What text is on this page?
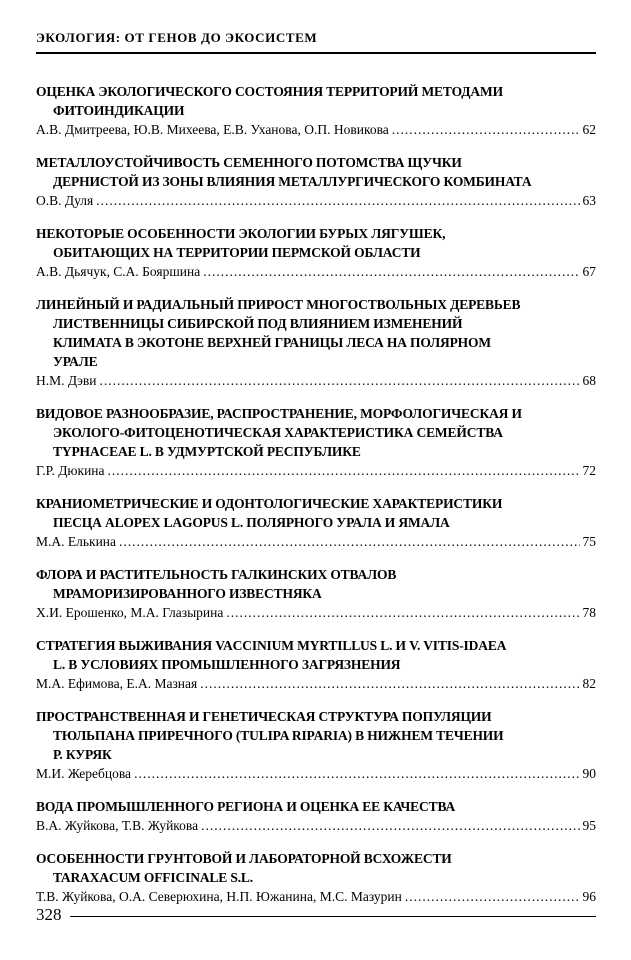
ЭКОЛОГИЯ: ОТ ГЕНОВ ДО ЭКОСИСТЕМ
ОЦЕНКА ЭКОЛОГИЧЕСКОГО СОСТОЯНИЯ ТЕРРИТОРИЙ МЕТОДАМИ
ФИТОИНДИКАЦИИ
А.В. Дмитреева, Ю.В. Михеева, Е.В. Уханова, О.П. Новикова .....	62
МЕТАЛЛОУСТОЙЧИВОСТЬ СЕМЕННОГО ПОТОМСТВА ЩУЧКИ
ДЕРНИСТОЙ ИЗ ЗОНЫ ВЛИЯНИЯ МЕТАЛЛУРГИЧЕСКОГО КОМБИНАТА
О.В. Дуля .....	63
НЕКОТОРЫЕ ОСОБЕННОСТИ ЭКОЛОГИИ БУРЫХ ЛЯГУШЕК,
ОБИТАЮЩИХ НА ТЕРРИТОРИИ ПЕРМСКОЙ ОБЛАСТИ
А.В. Дьячук, С.А. Бояршина .....	67
ЛИНЕЙНЫЙ И РАДИАЛЬНЫЙ ПРИРОСТ МНОГОСТВОЛЬНЫХ ДЕРЕВЬЕВ
ЛИСТВЕННИЦЫ СИБИРСКОЙ ПОД ВЛИЯНИЕМ ИЗМЕНЕНИЙ
КЛИМАТА В ЭКОТОНЕ ВЕРХНЕЙ ГРАНИЦЫ ЛЕСА НА ПОЛЯРНОМ
УРАЛЕ
Н.М. Дэви .....	68
ВИДОВОЕ РАЗНООБРАЗИЕ, РАСПРОСТРАНЕНИЕ, МОРФОЛОГИЧЕСКАЯ И
ЭКОЛОГО-ФИТОЦЕНОТИЧЕСКАЯ ХАРАКТЕРИСТИКА СЕМЕЙСТВА
TYPHACEAE L. В УДМУРТСКОЙ РЕСПУБЛИКЕ
Г.Р. Дюкина .....	72
КРАНИОМЕТРИЧЕСКИЕ И ОДОНТОЛОГИЧЕСКИЕ ХАРАКТЕРИСТИКИ
ПЕСЦА ALOPEX LAGOPUS L. ПОЛЯРНОГО УРАЛА И ЯМАЛА
М.А. Елькина .....	75
ФЛОРА И РАСТИТЕЛЬНОСТЬ ГАЛКИНСКИХ ОТВАЛОВ
МРАМОРИЗИРОВАННОГО ИЗВЕСТНЯКА
Х.И. Ерошенко, М.А. Глазырина .....	78
СТРАТЕГИЯ ВЫЖИВАНИЯ VACCINIUM MYRTILLUS L. И V. VITIS-IDAEA
L. В УСЛОВИЯХ ПРОМЫШЛЕННОГО ЗАГРЯЗНЕНИЯ
М.А. Ефимова, Е.А. Мазная .....	82
ПРОСТРАНСТВЕННАЯ И ГЕНЕТИЧЕСКАЯ СТРУКТУРА ПОПУЛЯЦИИ
ТЮЛЬПАНА ПРИРЕЧНОГО (TULIPA RIPARIA) В НИЖНЕМ ТЕЧЕНИИ
Р. КУРЯК
М.И. Жеребцова .....	90
ВОДА ПРОМЫШЛЕННОГО РЕГИОНА И ОЦЕНКА ЕЕ КАЧЕСТВА
В.А. Жуйкова, Т.В. Жуйкова .....	95
ОСОБЕННОСТИ ГРУНТОВОЙ И ЛАБОРАТОРНОЙ ВСХОЖЕСТИ
TARAXACUM OFFICINALE S.L.
Т.В. Жуйкова, О.А. Северюхина, Н.П. Южанина, М.С. Мазурин .....	96
328
